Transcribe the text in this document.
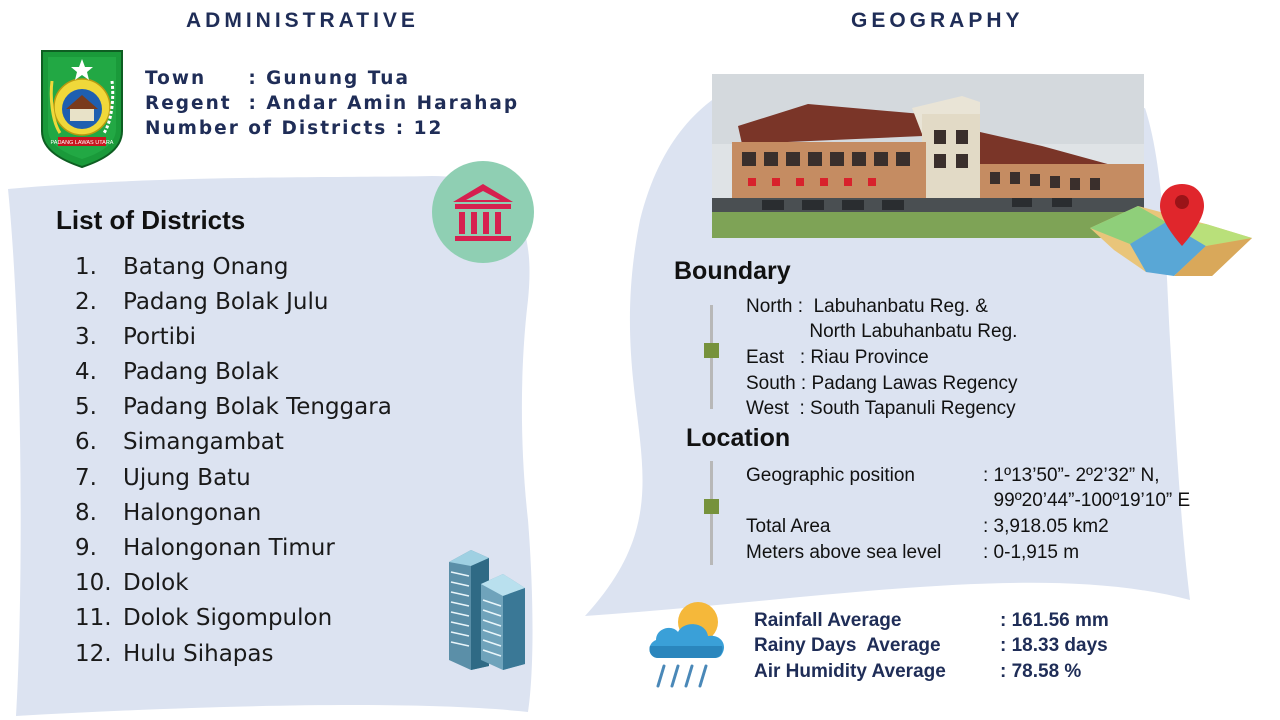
ADMINISTRATIVE	GEOGRAPHY
PADANG LAWAS UTARA
Town     : Gunung Tua
Regent  : Andar Amin Harahap
Number of Districts : 12
List of Districts
1. Batang Onang
2. Padang Bolak Julu
3. Portibi
4. Padang Bolak
5. Padang Bolak Tenggara
6. Simangambat
7. Ujung Batu
8. Halongonan
9. Halongonan Timur
10. Dolok
11. Dolok Sigompulon
12. Hulu Sihapas
Boundary
North :  Labuhanbatu Reg. &
North Labuhanbatu Reg.
East   : Riau Province
South : Padang Lawas Regency
West  : South Tapanuli Regency
Location
Geographic position
Total Area
Meters above sea level
: 1º13’50”- 2º2’32” N,
99º20’44”-100º19’10” E
: 3,918.05 km2
: 0-1,915 m
Rainfall Average
Rainy Days  Average
Air Humidity Average
: 161.56 mm
: 18.33 days
: 78.58 %
